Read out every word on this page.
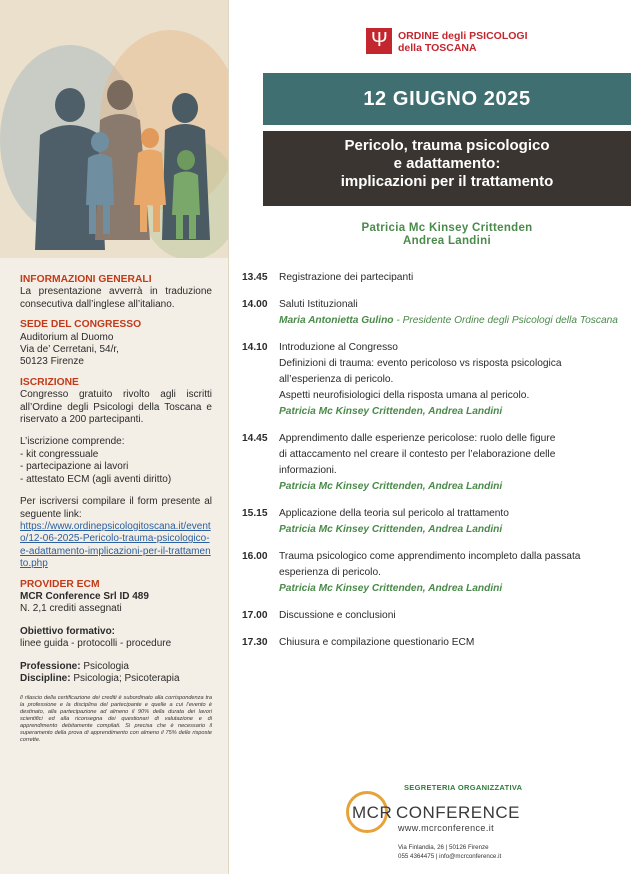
INFORMAZIONI GENERALI
La presentazione avverrà in traduzione consecutiva dall’inglese all’italiano.
SEDE DEL CONGRESSO
Auditorium al Duomo
Via de’ Cerretani, 54/r,
50123 Firenze
ISCRIZIONE
Congresso gratuito rivolto agli iscritti all’Ordine degli Psicologi della Toscana e riservato a 200 partecipanti.
L’iscrizione comprende:
- kit congressuale
- partecipazione ai lavori
- attestato ECM (agli aventi diritto)
Per iscriversi compilare il form presente al seguente link:
https://www.ordinepsicologitoscana.it/evento/12-06-2025-Pericolo-trauma-psicologico-e-adattamento-implicazioni-per-il-trattamento.php
PROVIDER ECM
MCR Conference Srl ID 489
N. 2,1 crediti assegnati
Obiettivo formativo:
linee guida - protocolli - procedure
Professione: Psicologia
Discipline: Psicologia; Psicoterapia
Il rilascio della certificazione dei crediti è subordinato alla corrispondenza tra la professione e la disciplina del partecipante e quelle a cui l’evento è destinato, alla partecipazione ad almeno il 90% della durata dei lavori scientifici ed alla riconsegna dei questionari di valutazione e di apprendimento debitamente compilati. Si precisa che è necessario il superamento della prova di apprendimento con almeno il 75% delle risposte corrette.
Ψ ORDINE degli PSICOLOGI
della TOSCANA
12 GIUGNO 2025
Pericolo, trauma psicologico
e adattamento:
implicazioni per il trattamento
Patricia Mc Kinsey Crittenden
Andrea Landini
13.45 Registrazione dei partecipanti
14.00 Saluti Istituzionali
Maria Antonietta Gulino - Presidente Ordine degli Psicologi della Toscana
14.10 Introduzione al Congresso
Definizioni di trauma: evento pericoloso vs risposta psicologica
all’esperienza di pericolo.
Aspetti neurofisiologici della risposta umana al pericolo.
Patricia Mc Kinsey Crittenden, Andrea Landini
14.45 Apprendimento dalle esperienze pericolose: ruolo delle figure
di attaccamento nel creare il contesto per l’elaborazione delle
informazioni.
Patricia Mc Kinsey Crittenden, Andrea Landini
15.15 Applicazione della teoria sul pericolo al trattamento
Patricia Mc Kinsey Crittenden, Andrea Landini
16.00 Trauma psicologico come apprendimento incompleto dalla passata
esperienza di pericolo.
Patricia Mc Kinsey Crittenden, Andrea Landini
17.00 Discussione e conclusioni
17.30 Chiusura e compilazione questionario ECM
SEGRETERIA ORGANIZZATIVA
MCR CONFERENCE
www.mcrconference.it
Via Finlandia, 26 | 50126 Firenze
055 4364475 | info@mcrconference.it
